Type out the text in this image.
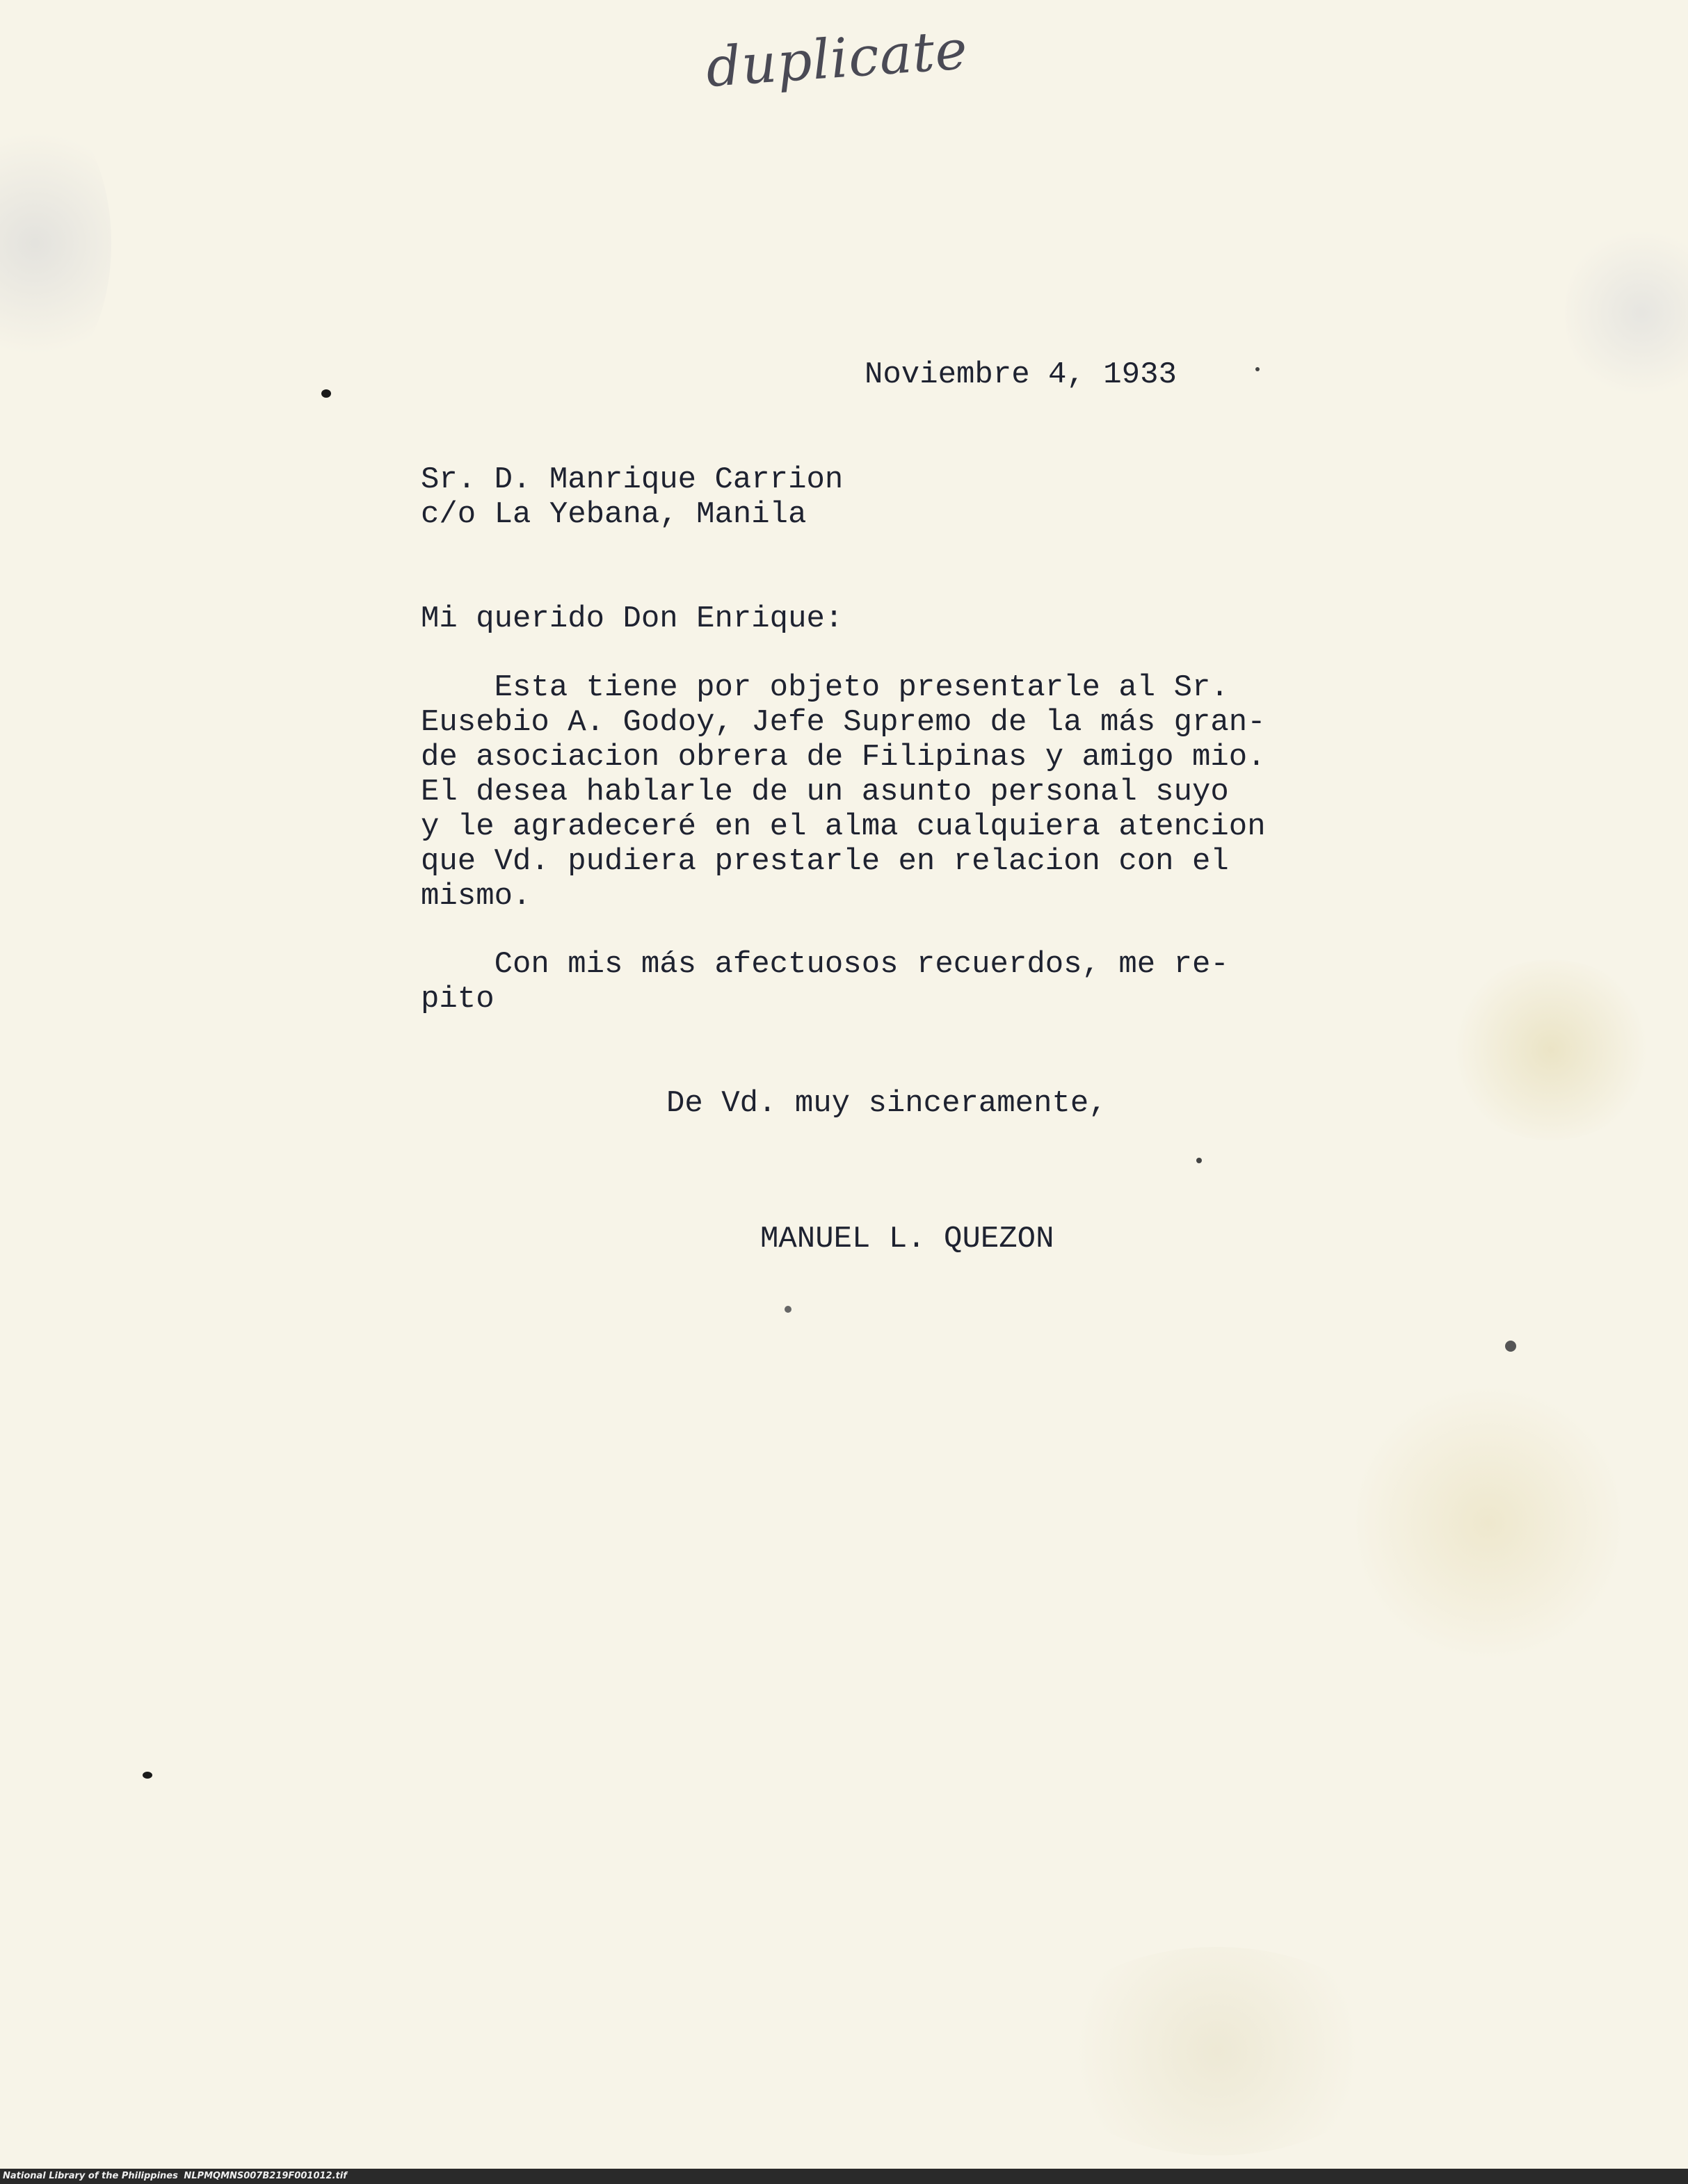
duplicate

Noviembre 4, 1933

Sr. D. Manrique Carrion

c/o La Yebana, Manila

Mi querido Don Enrique:

Esta tiene por objeto presentarle al Sr.

Eusebio A. Godoy, Jefe Supremo de la más gran-

de asociacion obrera de Filipinas y amigo mio.

El desea hablarle de un asunto personal suyo

y le agradeceré en el alma cualquiera atencion

que Vd. pudiera prestarle en relacion con el

mismo.

Con mis más afectuosos recuerdos, me re-

pito

De Vd. muy sinceramente,

MANUEL L. QUEZON

National Library of the Philippines NLPMQMNS007B219F001012.tif
